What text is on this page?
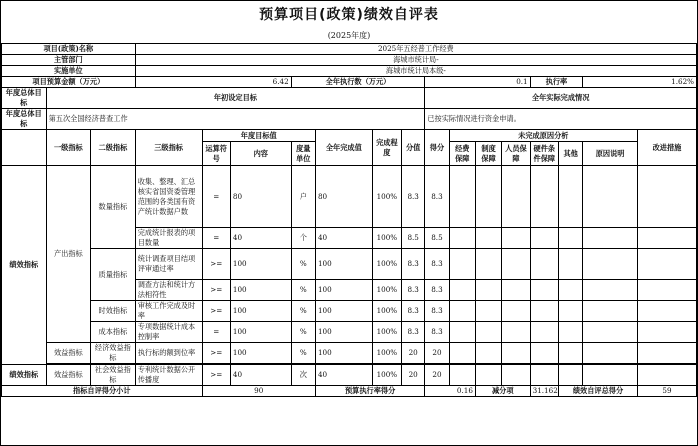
预算项目(政策)绩效自评表
(2025年度)
项目(政策)名称			2025年五经普工作经费														
主管部门			海城市统计局-														
实施单位			海城市统计局本级-														
项目预算金额（万元）			6.42			全年执行数（万元）				0.1				执行率		1.62%	
年度总体目标	年初设定目标									全年实际完成情况							
年度总体目标	第五次全国经济普查工作									已按实际情况进行资金申请。							
	一级指标	二级指标	三级指标	年度目标值			全年完成值	完成程度	分值	得分	未完成原因分析						改进措施
				运算符号	内容	度量单位					经费保障	制度保障	人员保障	硬件条件保障	其他	原因说明	

绩效指标	产出指标	数量指标	收集、整理、汇总核实省国资委管理范围的各类国有资产统计数据户数	=	80	户	80	100%	8.3	8.3							
			完成统计报表的项目数量	=	40	个	40	100%	8.5	8.5							
		质量指标	统计调查项目结项评审通过率	>=	100	%	100	100%	8.3	8.3							
			调查方法和统计方法相符性	>=	100	%	100	100%	8.3	8.3							
		时效指标	审核工作完成及时率	>=	100	%	100	100%	8.3	8.3							
		成本指标	专项数据统计成本控制率	=	100	%	100	100%	8.3	8.3							
	效益指标	经济效益指标	执行标的额到位率	>=	100	%	100	100%	20	20							

绩效指标	效益指标	社会效益指标	专利统计数据公开传播度	>=	40	次	40	100%	20	20							
指标自评得分小计				90			预算执行率得分			0.16		减分项		31.162	绩效自评总得分		59
